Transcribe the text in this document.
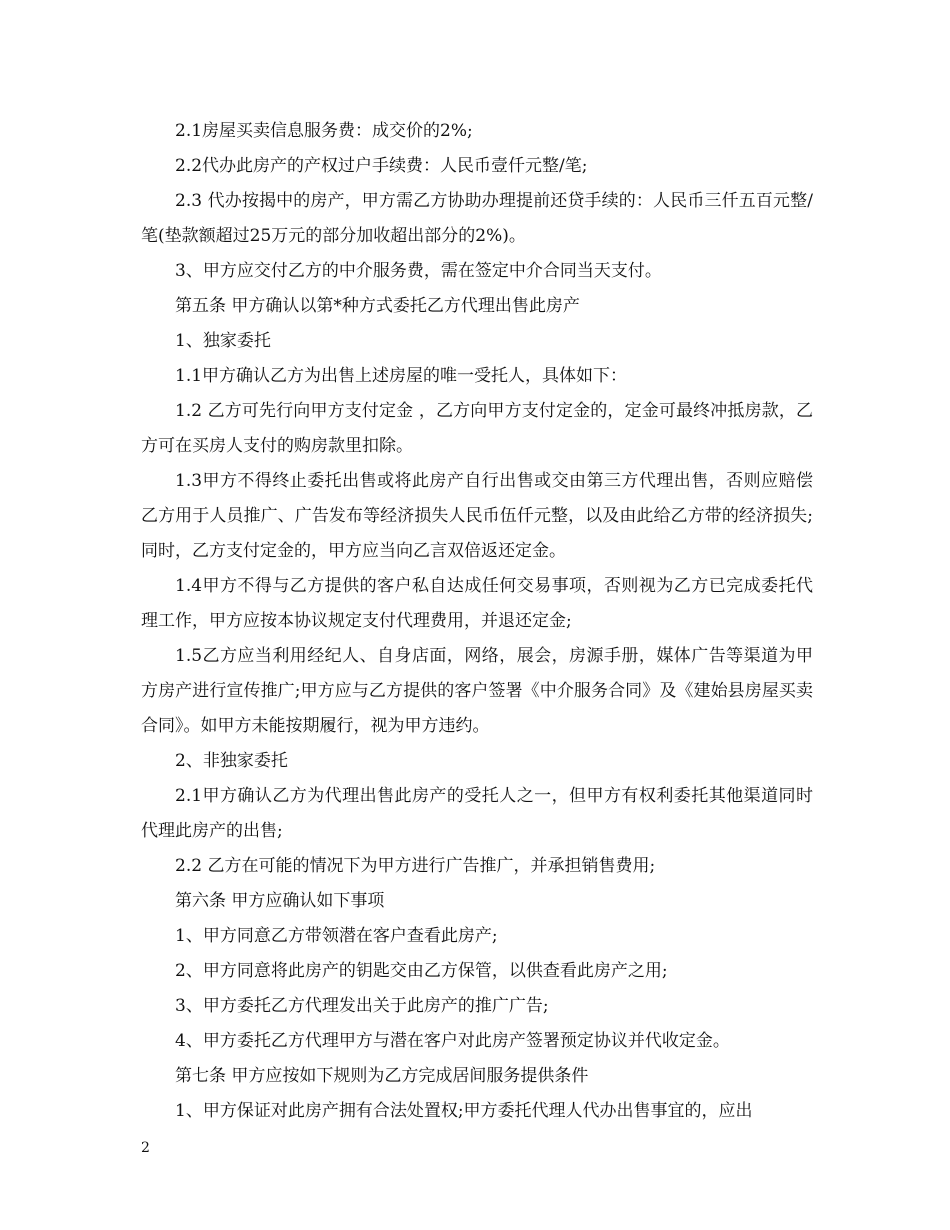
2.1房屋买卖信息服务费：成交价的2%;

2.2代办此房产的产权过户手续费：人民币壹仟元整/笔;

2.3 代办按揭中的房产，甲方需乙方协助办理提前还贷手续的：人民币三仟五百元整/笔(垫款额超过25万元的部分加收超出部分的2%)。

3、甲方应交付乙方的中介服务费，需在签定中介合同当天支付。

第五条 甲方确认以第*种方式委托乙方代理出售此房产

1、独家委托

1.1甲方确认乙方为出售上述房屋的唯一受托人，具体如下：

1.2 乙方可先行向甲方支付定金 ，乙方向甲方支付定金的，定金可最终冲抵房款，乙方可在买房人支付的购房款里扣除。

1.3甲方不得终止委托出售或将此房产自行出售或交由第三方代理出售，否则应赔偿乙方用于人员推广、广告发布等经济损失人民币伍仟元整，以及由此给乙方带的经济损失;同时，乙方支付定金的，甲方应当向乙言双倍返还定金。

1.4甲方不得与乙方提供的客户私自达成任何交易事项，否则视为乙方已完成委托代理工作，甲方应按本协议规定支付代理费用，并退还定金;

1.5乙方应当利用经纪人、自身店面，网络，展会，房源手册，媒体广告等渠道为甲方房产进行宣传推广;甲方应与乙方提供的客户签署《中介服务合同》及《建始县房屋买卖合同》。如甲方未能按期履行，视为甲方违约。

2、非独家委托

2.1甲方确认乙方为代理出售此房产的受托人之一，但甲方有权利委托其他渠道同时代理此房产的出售;

2.2 乙方在可能的情况下为甲方进行广告推广，并承担销售费用;

第六条 甲方应确认如下事项

1、甲方同意乙方带领潜在客户查看此房产;

2、甲方同意将此房产的钥匙交由乙方保管，以供查看此房产之用;

3、甲方委托乙方代理发出关于此房产的推广广告;

4、甲方委托乙方代理甲方与潜在客户对此房产签署预定协议并代收定金。

第七条 甲方应按如下规则为乙方完成居间服务提供条件

1、甲方保证对此房产拥有合法处置权;甲方委托代理人代办出售事宜的，应出

2
